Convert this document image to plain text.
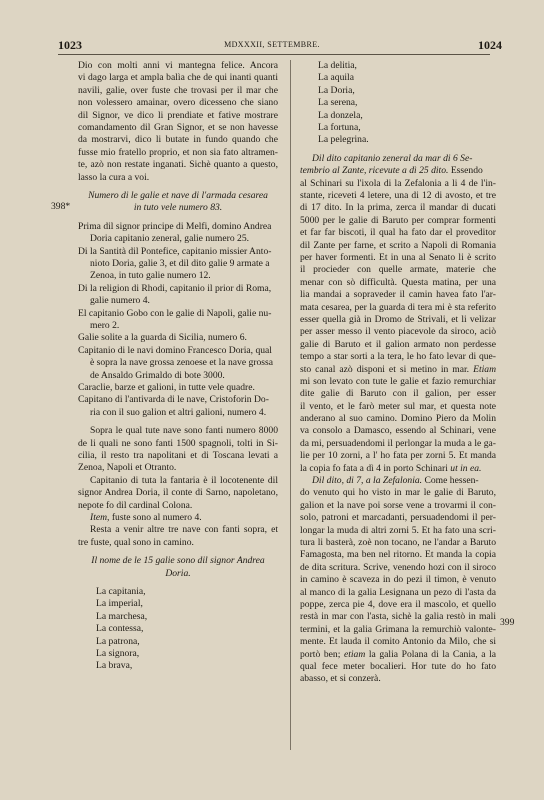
1023	MDXXXII, SETTEMBRE.	1024
398*
399
Dio con molti anni vi mantegna felice. Ancora
vi dago larga et ampla balìa che de qui inanti quanti
navili, galie, over fuste che trovasi per il mar che
non volessero amainar, overo dicesseno che siano
dil Signor, ve dico li prendiate et fative mostrare
comandamento dil Gran Signor, et se non havesse
da mostrarvi, dico li butate in fundo quando che
fusse mio fratello proprio, et non sia fato altramen-
te, azò non restate inganati. Sichè quanto a questo,
lasso la cura a voi.
Numero di le galie et nave di l'armada cesarea
in tuto vele numero 83.
Prima dil signor principe di Melfi, domino Andrea
Doria capitanio zeneral, galie numero 25.
Di la Santità dil Pontefice, capitanio missier Anto-
nioto Doria, galie 3, et dil dito galie 9 armate a
Zenoa, in tuto galie numero 12.
Di la religion di Rhodi, capitanio il prior di Roma,
galie numero 4.
El capitanio Gobo con le galie di Napoli, galie nu-
mero 2.
Galie solite a la guarda di Sicilia, numero 6.
Capitanio di le navi domino Francesco Doria, qual
è sopra la nave grossa zenoese et la nave grossa
de Ansaldo Grimaldo di bote 3000.
Caraclie, barze et galioni, in tutte vele quadre.
Capitano di l'antivarda di le nave, Cristoforin Do-
ria con il suo galion et altri galioni, numero 4.
Sopra le qual tute nave sono fanti numero 8000
de li quali ne sono fanti 1500 spagnoli, tolti in Si-
cilia, il resto tra napolitani et di Toscana levati a
Zenoa, Napoli et Otranto.
Capitanio di tuta la fantaria è il locotenente dil
signor Andrea Doria, il conte di Sarno, napoletano,
nepote fo dil cardinal Colona.
Item, fuste sono al numero 4.
Resta a venir altre tre nave con fanti sopra, et
tre fuste, qual sono in camino.
Il nome de le 15 galie sono dil signor Andrea
Doria.
La capitania,
La imperial,
La marchesa,
La contessa,
La patrona,
La signora,
La brava,
La delitia,
La aquila
La Doria,
La serena,
La donzela,
La fortuna,
La pelegrina.
Dil dito capitanio zeneral da mar di 6 Se-
tembrio al Zante, ricevute a dì 25 dito. Essendo
al Schinari su l'ixola di la Zefalonia a li 4 de l'in-
stante, riceveti 4 letere, una di 12 di avosto, et tre
di 17 dito. In la prima, zerca il mandar di ducati
5000 per le galie di Baruto per comprar formenti
et far far biscoti, il qual ha fato dar el proveditor
dil Zante per farne, et scrito a Napoli di Romania
per haver formenti. Et in una al Senato li è scrito
il procieder con quelle armate, materie che
menar con sò difficultà. Questa matina, per una
lia mandai a sopraveder il camin havea fato l'ar-
mata cesarea, per la guarda di tera mi è sta referito
esser quella già in Dromo de Strivali, et li velizar
per asser messo il vento piacevole da siroco, aciò
galie di Baruto et il galion armato non perdesse
tempo a star sorti a la tera, le ho fato levar di que-
sto canal azò disponi et si metino in mar. Etiam
mi son levato con tute le galie et fazio remurchiar
dite galie di Baruto con il galion, per esser
il vento, et le farò meter sul mar, et questa note
anderano al suo camino. Domino Piero da Molin
va consolo a Damasco, essendo al Schinari, vene
da mi, persuadendomi il perlongar la muda a le ga-
lie per 10 zorni, a l' ho fata per zorni 5. Et manda
la copia fo fata a dì 4 in porto Schinari ut in ea.
Dil dito, di 7, a la Zefalonia. Come hessen-
do venuto qui ho visto in mar le galie di Baruto,
galion et la nave poi sorse vene a trovarmi il con-
solo, patroni et marcadanti, persuadendomi il per-
longar la muda di altri zorni 5. Et ha fato una scri-
tura li basterà, zoè non tocano, ne l'andar a Baruto
Famagosta, ma ben nel ritorno. Et manda la copia
de dita scritura. Scrive, venendo hozi con il siroco
in camino è scaveza in do pezi il timon, è venuto
al manco di la galia Lesignana un pezo di l'asta da
poppe, zerca pie 4, dove era il mascolo, et quello
restà in mar con l'asta, sichè la galia restò in mali
termini, et la galia Grimana la remurchiò valonte-
mente. Et lauda il comito Antonio da Milo, che si
portò ben; etiam la galia Polana di la Cania, a la
qual fece meter bocalieri. Hor tute do ho fato
abasso, et si conzerà.
